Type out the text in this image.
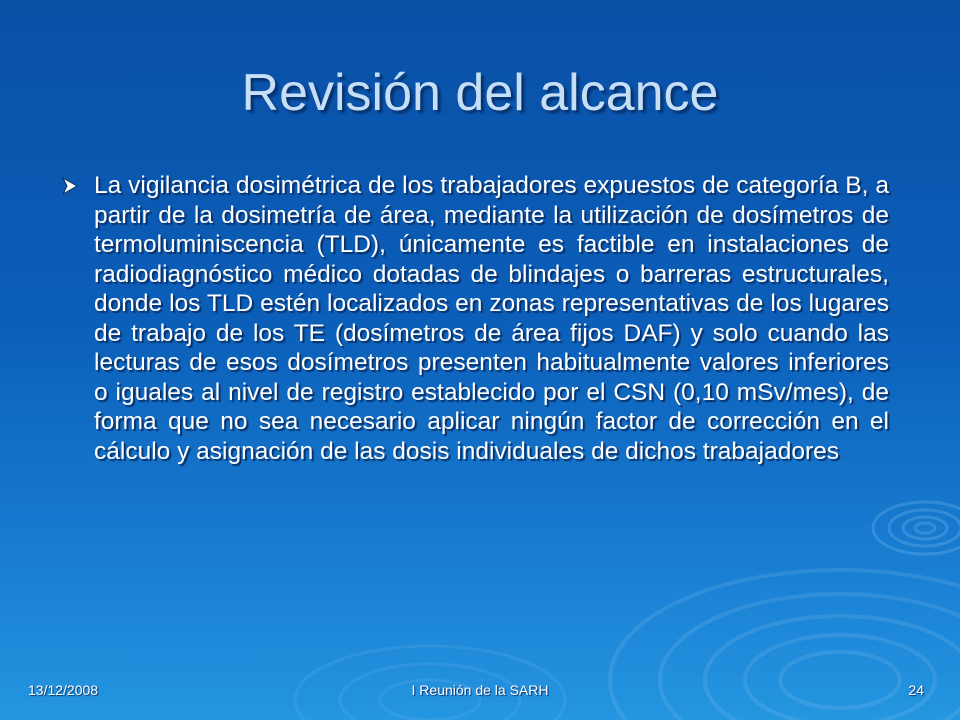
Revisión del alcance
La vigilancia dosimétrica de los trabajadores expuestos de categoría B, a partir de la dosimetría de área, mediante la utilización de dosímetros de termoluminiscencia (TLD), únicamente es factible en instalaciones de radiodiagnóstico médico dotadas de blindajes o barreras estructurales, donde los TLD estén localizados en zonas representativas de los lugares de trabajo de los TE (dosímetros de área fijos DAF) y solo cuando las lecturas de esos dosímetros presenten habitualmente valores inferiores o iguales al nivel de registro establecido por el CSN (0,10 mSv/mes), de forma que no sea necesario aplicar ningún factor de corrección en el cálculo y asignación de las dosis individuales de dichos trabajadores
13/12/2008	I Reunión de la SARH	24
